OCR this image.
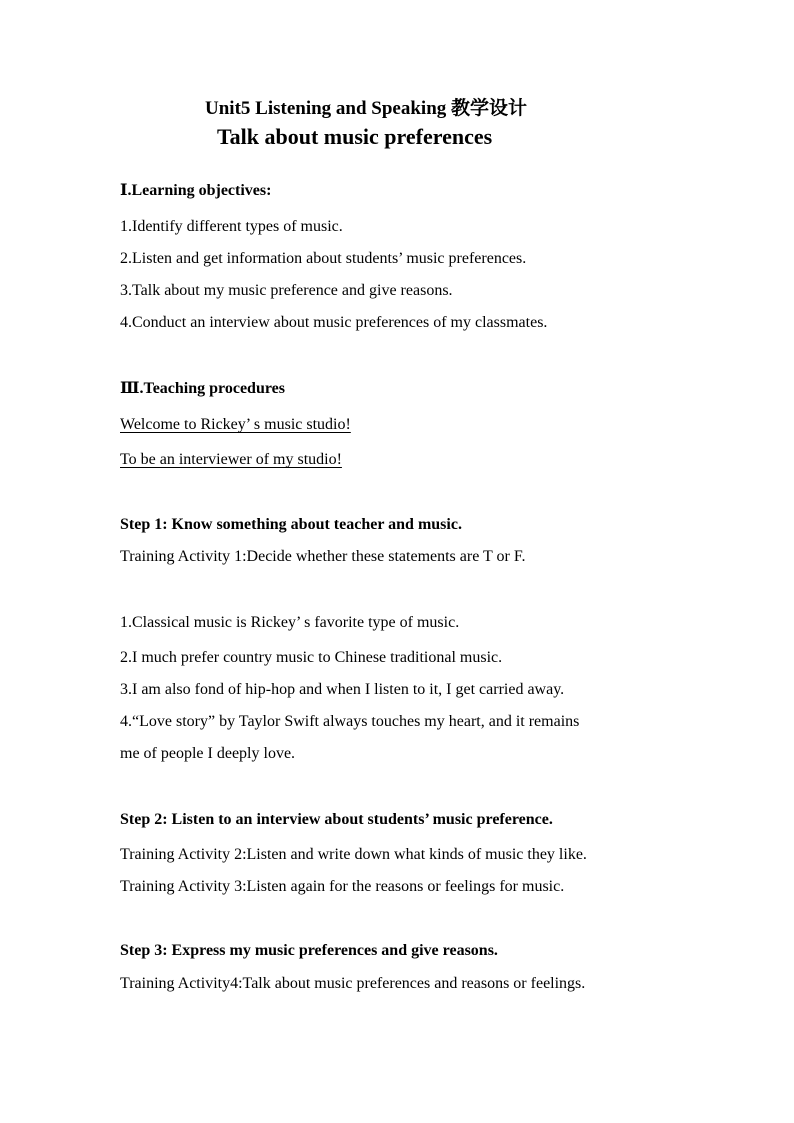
Unit5 Listening and Speaking 教学设计
Talk about music preferences
Ⅰ.Learning objectives:
1.Identify different types of music.
2.Listen and get information about students’ music preferences.
3.Talk about my music preference and give reasons.
4.Conduct an interview about music preferences of my classmates.
Ⅲ.Teaching procedures
Welcome to Rickey’ s music studio!
To be an interviewer of my studio!
Step 1: Know something about teacher and music.
Training Activity 1:Decide whether these statements are T or F.
1.Classical music is Rickey’ s favorite type of music.
2.I much prefer country music to Chinese traditional music.
3.I am also fond of hip-hop and when I listen to it, I get carried away.
4.“Love story” by Taylor Swift always touches my heart, and it remains
me of people I deeply love.
Step 2: Listen to an interview about students’ music preference.
Training Activity 2:Listen and write down what kinds of music they like.
Training Activity 3:Listen again for the reasons or feelings for music.
Step 3: Express my music preferences and give reasons.
Training Activity4:Talk about music preferences and reasons or feelings.
